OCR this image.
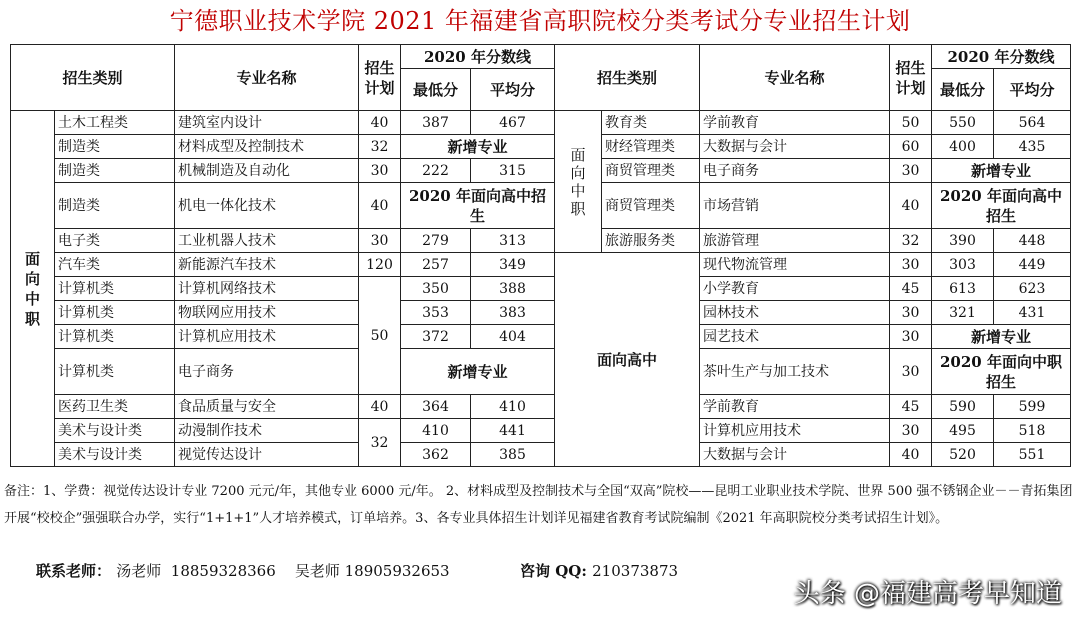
宁德职业技术学院 2021 年福建省高职院校分类考试分专业招生计划
招生类别		专业名称	招生计划	2020 年分数线		招生类别		专业名称	招生计划	2020 年分数线	
				最低分	平均分					最低分	平均分
面向中职	土木工程类	建筑室内设计	40	387	467	面向中职	教育类	学前教育	50	550	564
	制造类	材料成型及控制技术	32	新增专业			财经管理类	大数据与会计	60	400	435
	制造类	机械制造及自动化	30	222	315		商贸管理类	电子商务	30	新增专业	
	制造类	机电一体化技术	40	2020 年面向高中招生			商贸管理类	市场营销	40	2020 年面向高中招生	
	电子类	工业机器人技术	30	279	313		旅游服务类	旅游管理	32	390	448
	汽车类	新能源汽车技术	120	257	349	面向高中		现代物流管理	30	303	449
	计算机类	计算机网络技术	50	350	388			小学教育	45	613	623
	计算机类	物联网应用技术		353	383			园林技术	30	321	431
	计算机类	计算机应用技术		372	404			园艺技术	30	新增专业	
	计算机类	电子商务		新增专业				茶叶生产与加工技术	30	2020 年面向中职招生	
	医药卫生类	食品质量与安全	40	364	410			学前教育	45	590	599
	美术与设计类	动漫制作技术	32	410	441			计算机应用技术	30	495	518
	美术与设计类	视觉传达设计		362	385			大数据与会计	40	520	551
备注：1、学费：视觉传达设计专业 7200 元元/年，其他专业 6000 元/年。 2、材料成型及控制技术与全国“双高”院校——昆明工业职业技术学院、世界 500 强不锈钢企业－－青拓集团开展“校校企”强强联合办学，实行“1+1+1”人才培养模式，订单培养。3、各专业具体招生计划详见福建省教育考试院编制《2021 年高职院校分类考试招生计划》。
联系老师： 汤老师  18859328366    吴老师 18905932653	咨询 QQ: 210373873
头条 @福建高考早知道
